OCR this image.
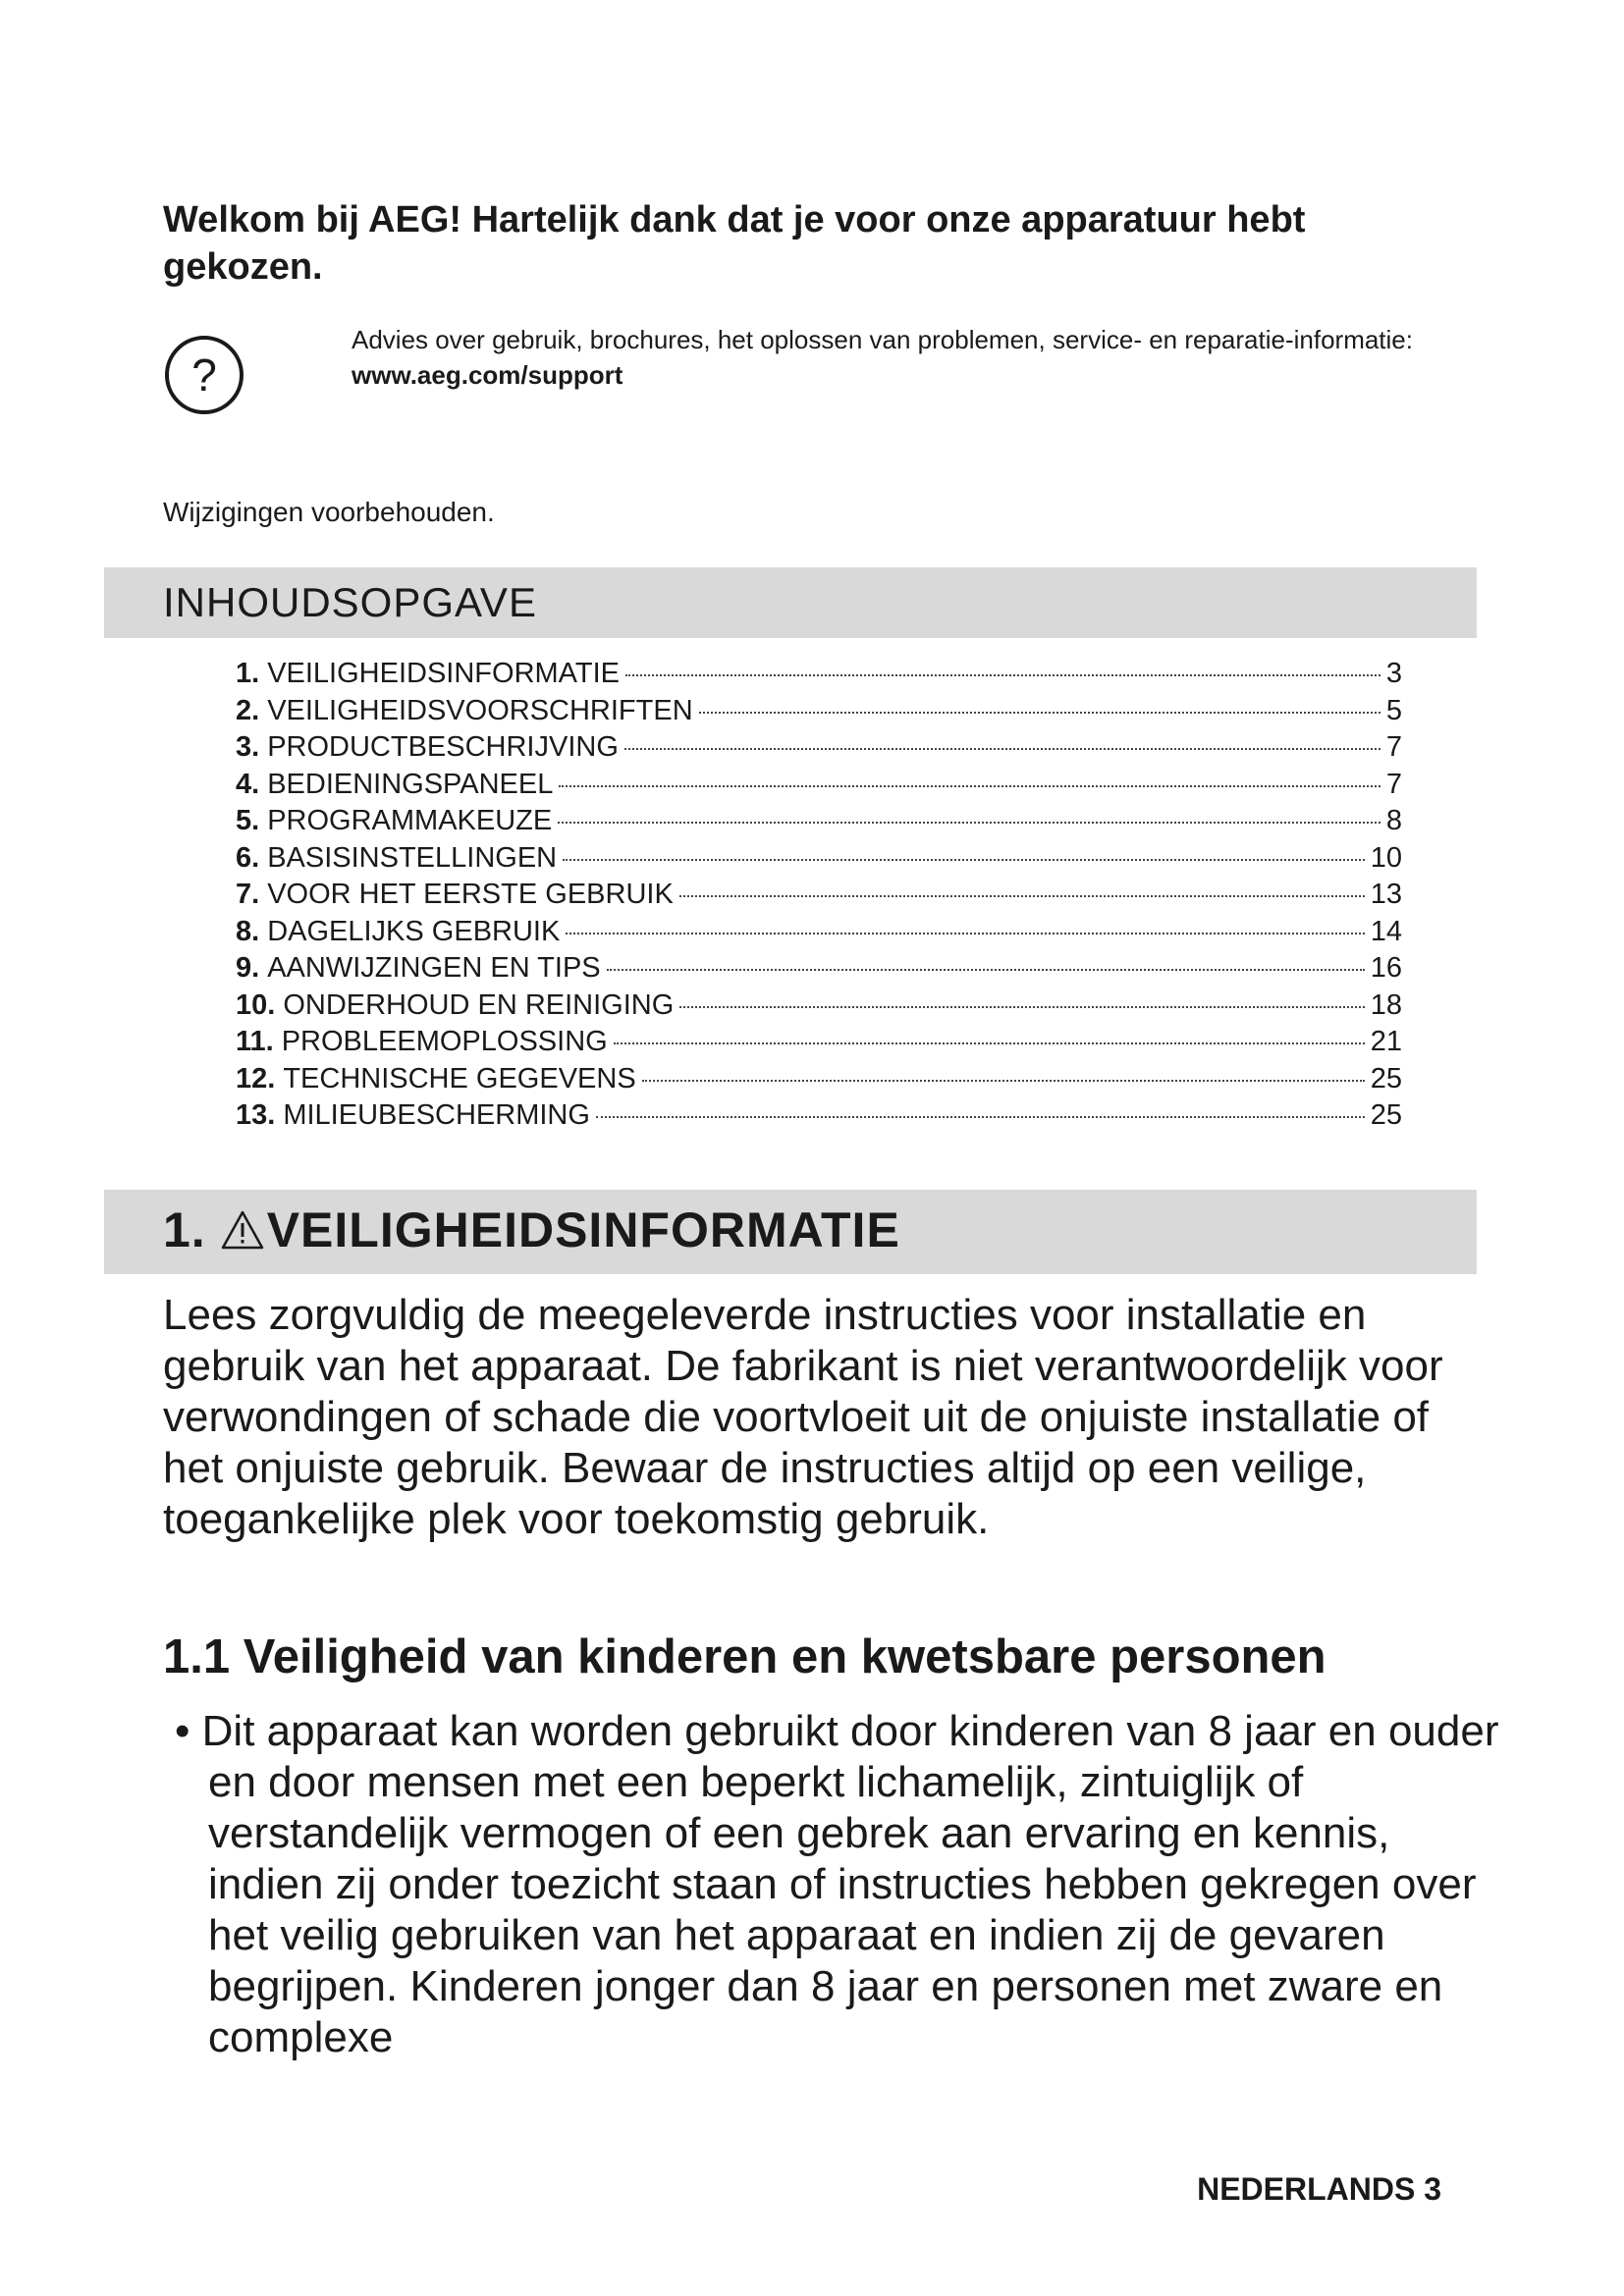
Welkom bij AEG! Hartelijk dank dat je voor onze apparatuur hebt gekozen.
?

Advies over gebruik, brochures, het oplossen van problemen, service- en reparatie-informatie:
www.aeg.com/support

Wijzigingen voorbehouden.

INHOUDSOPGAVE
1. VEILIGHEIDSINFORMATIE	3
2. VEILIGHEIDSVOORSCHRIFTEN	5
3. PRODUCTBESCHRIJVING	7
4. BEDIENINGSPANEEL	7
5. PROGRAMMAKEUZE	8
6. BASISINSTELLINGEN	10
7. VOOR HET EERSTE GEBRUIK	13
8. DAGELIJKS GEBRUIK	14
9. AANWIJZINGEN EN TIPS	16
10. ONDERHOUD EN REINIGING	18
11. PROBLEEMOPLOSSING	21
12. TECHNISCHE GEGEVENS	25
13. MILIEUBESCHERMING	25
1. VEILIGHEIDSINFORMATIE

Lees zorgvuldig de meegeleverde instructies voor installatie en gebruik van het apparaat. De fabrikant is niet verantwoordelijk voor verwondingen of schade die voortvloeit uit de onjuiste installatie of het onjuiste gebruik. Bewaar de instructies altijd op een veilige, toegankelijke plek voor toekomstig gebruik.

1.1 Veiligheid van kinderen en kwetsbare personen

• Dit apparaat kan worden gebruikt door kinderen van 8 jaar en ouder en door mensen met een beperkt lichamelijk, zintuiglijk of verstandelijk vermogen of een gebrek aan ervaring en kennis, indien zij onder toezicht staan of instructies hebben gekregen over het veilig gebruiken van het apparaat en indien zij de gevaren begrijpen. Kinderen jonger dan 8 jaar en personen met zware en complexe

NEDERLANDS 3
